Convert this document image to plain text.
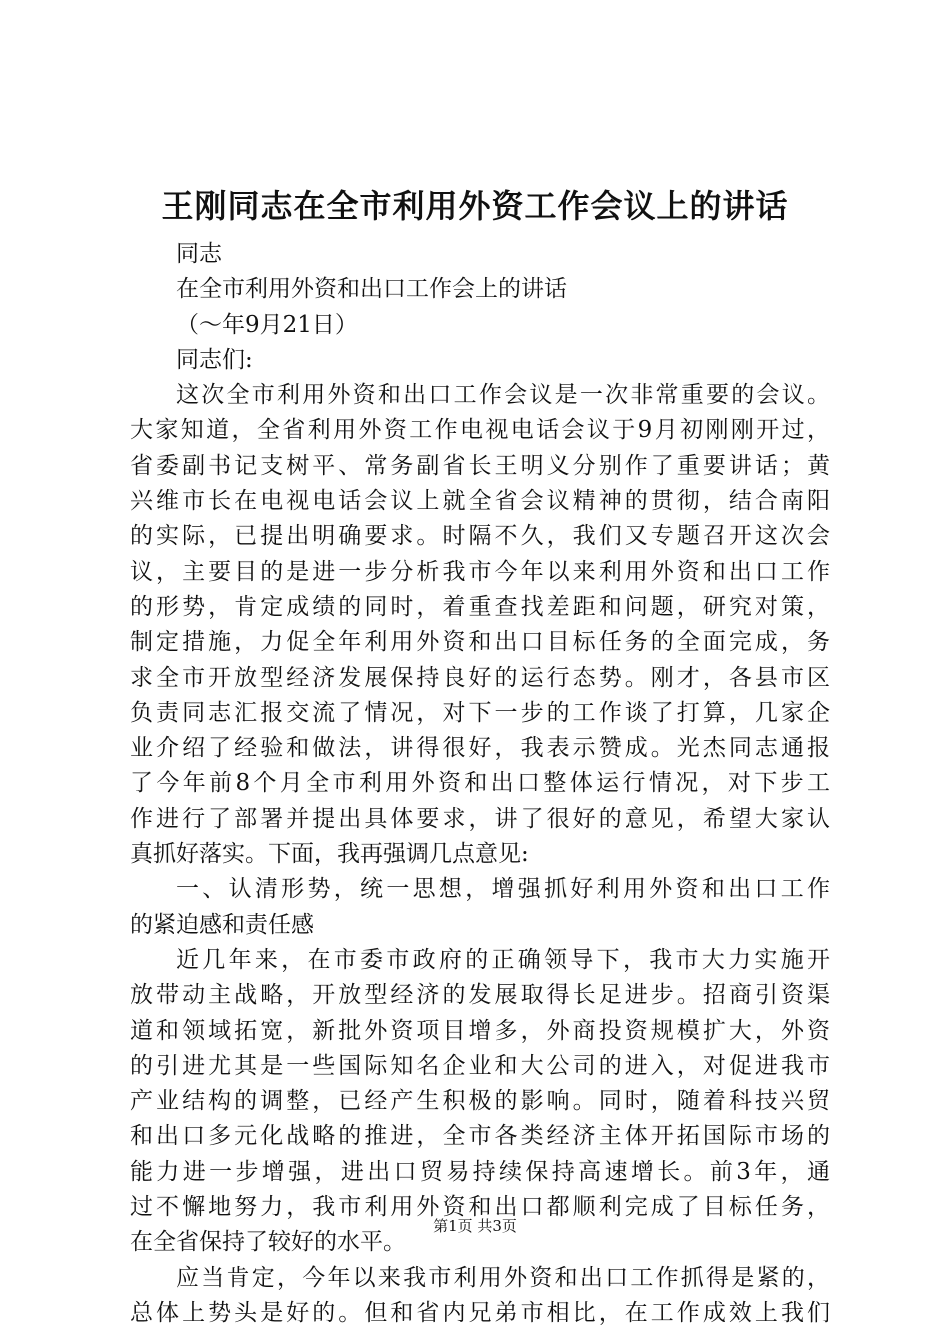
王刚同志在全市利用外资工作会议上的讲话
同志
在全市利用外资和出口工作会上的讲话
（～年9月21日）
同志们:
这次全市利用外资和出口工作会议是一次非常重要的会议。
大家知道，全省利用外资工作电视电话会议于9月初刚刚开过，
省委副书记支树平、常务副省长王明义分别作了重要讲话；黄
兴维市长在电视电话会议上就全省会议精神的贯彻，结合南阳
的实际，已提出明确要求。时隔不久，我们又专题召开这次会
议，主要目的是进一步分析我市今年以来利用外资和出口工作
的形势，肯定成绩的同时，着重查找差距和问题，研究对策，
制定措施，力促全年利用外资和出口目标任务的全面完成，务
求全市开放型经济发展保持良好的运行态势。刚才，各县市区
负责同志汇报交流了情况，对下一步的工作谈了打算，几家企
业介绍了经验和做法，讲得很好，我表示赞成。光杰同志通报
了今年前8个月全市利用外资和出口整体运行情况，对下步工
作进行了部署并提出具体要求，讲了很好的意见，希望大家认
真抓好落实。下面，我再强调几点意见:
一、认清形势，统一思想，增强抓好利用外资和出口工作
的紧迫感和责任感
近几年来，在市委市政府的正确领导下，我市大力实施开
放带动主战略，开放型经济的发展取得长足进步。招商引资渠
道和领域拓宽，新批外资项目增多，外商投资规模扩大，外资
的引进尤其是一些国际知名企业和大公司的进入，对促进我市
产业结构的调整，已经产生积极的影响。同时，随着科技兴贸
和出口多元化战略的推进，全市各类经济主体开拓国际市场的
能力进一步增强，进出口贸易持续保持高速增长。前3年，通
过不懈地努力，我市利用外资和出口都顺利完成了目标任务，
在全省保持了较好的水平。
应当肯定，今年以来我市利用外资和出口工作抓得是紧的，
总体上势头是好的。但和省内兄弟市相比，在工作成效上我们
第1页 共3页
